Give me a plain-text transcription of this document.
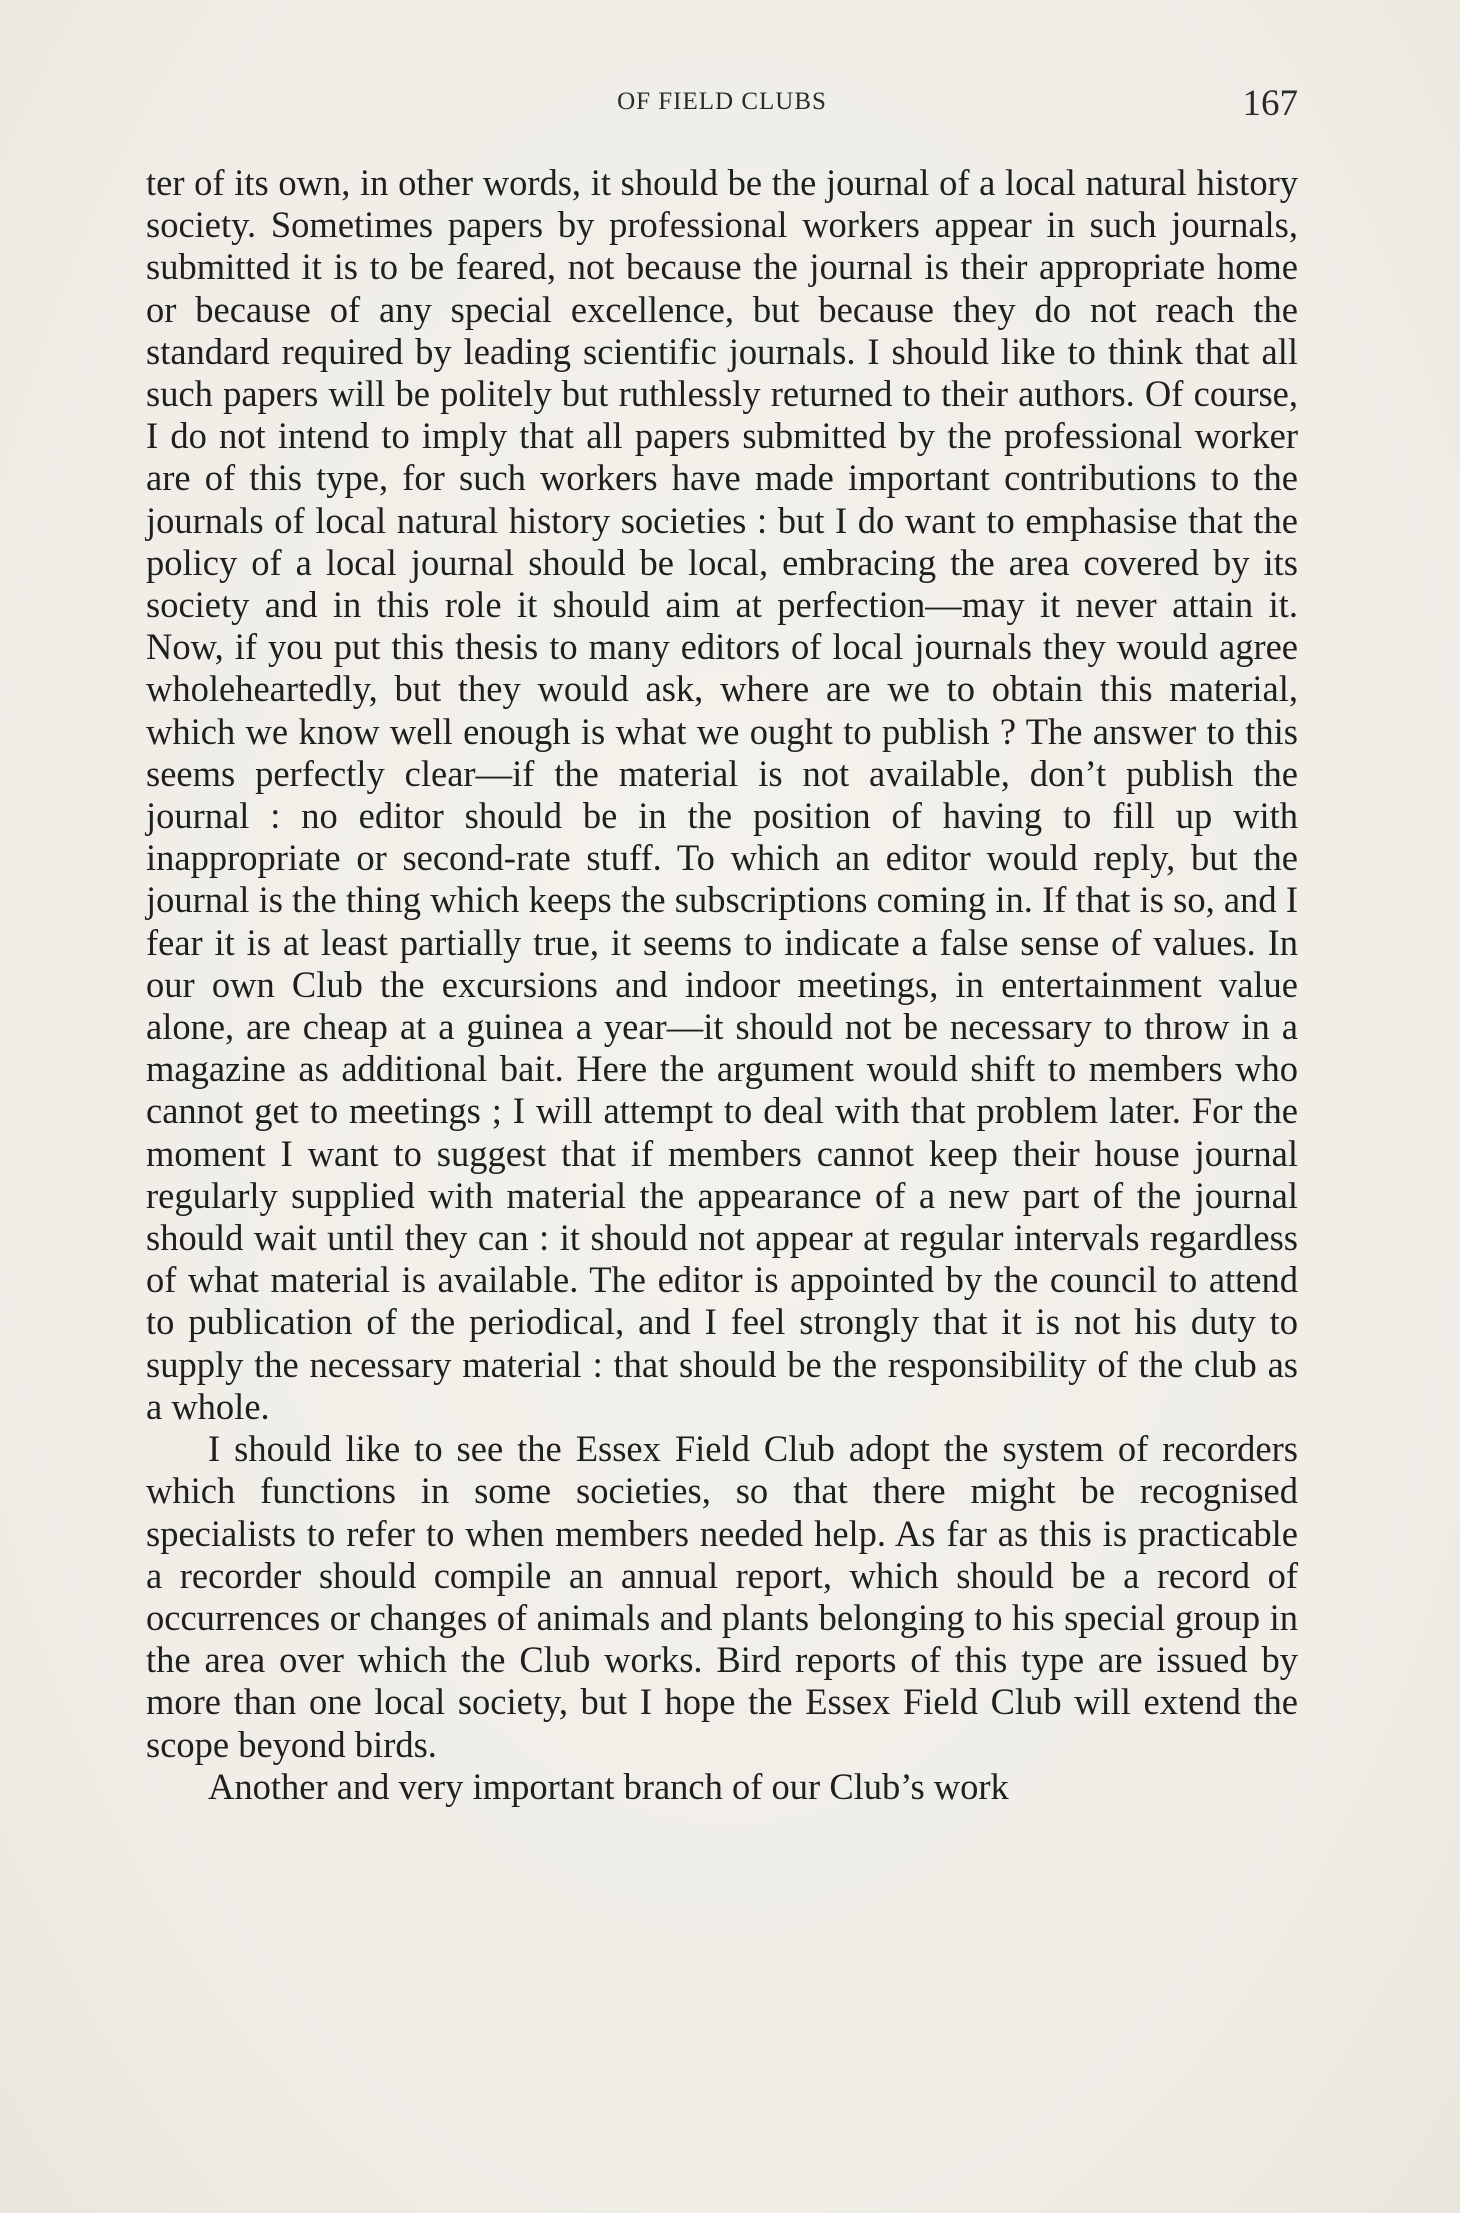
OF FIELD CLUBS	167

ter of its own, in other words, it should be the journal of a local natural history society. Sometimes papers by professional workers appear in such journals, submitted it is to be feared, not because the journal is their appropriate home or because of any special excellence, but because they do not reach the standard required by leading scientific journals. I should like to think that all such papers will be politely but ruthlessly returned to their authors. Of course, I do not intend to imply that all papers submitted by the professional worker are of this type, for such workers have made important contributions to the journals of local natural history societies : but I do want to emphasise that the policy of a local journal should be local, embracing the area covered by its society and in this role it should aim at perfection—may it never attain it. Now, if you put this thesis to many editors of local journals they would agree wholeheartedly, but they would ask, where are we to obtain this material, which we know well enough is what we ought to publish ? The answer to this seems perfectly clear—if the material is not available, don’t publish the journal : no editor should be in the position of having to fill up with inappropriate or second-rate stuff. To which an editor would reply, but the journal is the thing which keeps the subscriptions coming in. If that is so, and I fear it is at least partially true, it seems to indicate a false sense of values. In our own Club the excursions and indoor meetings, in entertainment value alone, are cheap at a guinea a year—it should not be necessary to throw in a magazine as additional bait. Here the argument would shift to members who cannot get to meetings ; I will attempt to deal with that problem later. For the moment I want to suggest that if members cannot keep their house journal regularly supplied with material the appearance of a new part of the journal should wait until they can : it should not appear at regular intervals regardless of what material is available. The editor is appointed by the council to attend to publication of the periodical, and I feel strongly that it is not his duty to supply the necessary material : that should be the responsibility of the club as a whole.

I should like to see the Essex Field Club adopt the system of recorders which functions in some societies, so that there might be recognised specialists to refer to when members needed help. As far as this is practicable a recorder should compile an annual report, which should be a record of occurrences or changes of animals and plants belonging to his special group in the area over which the Club works. Bird reports of this type are issued by more than one local society, but I hope the Essex Field Club will extend the scope beyond birds.

Another and very important branch of our Club’s work
